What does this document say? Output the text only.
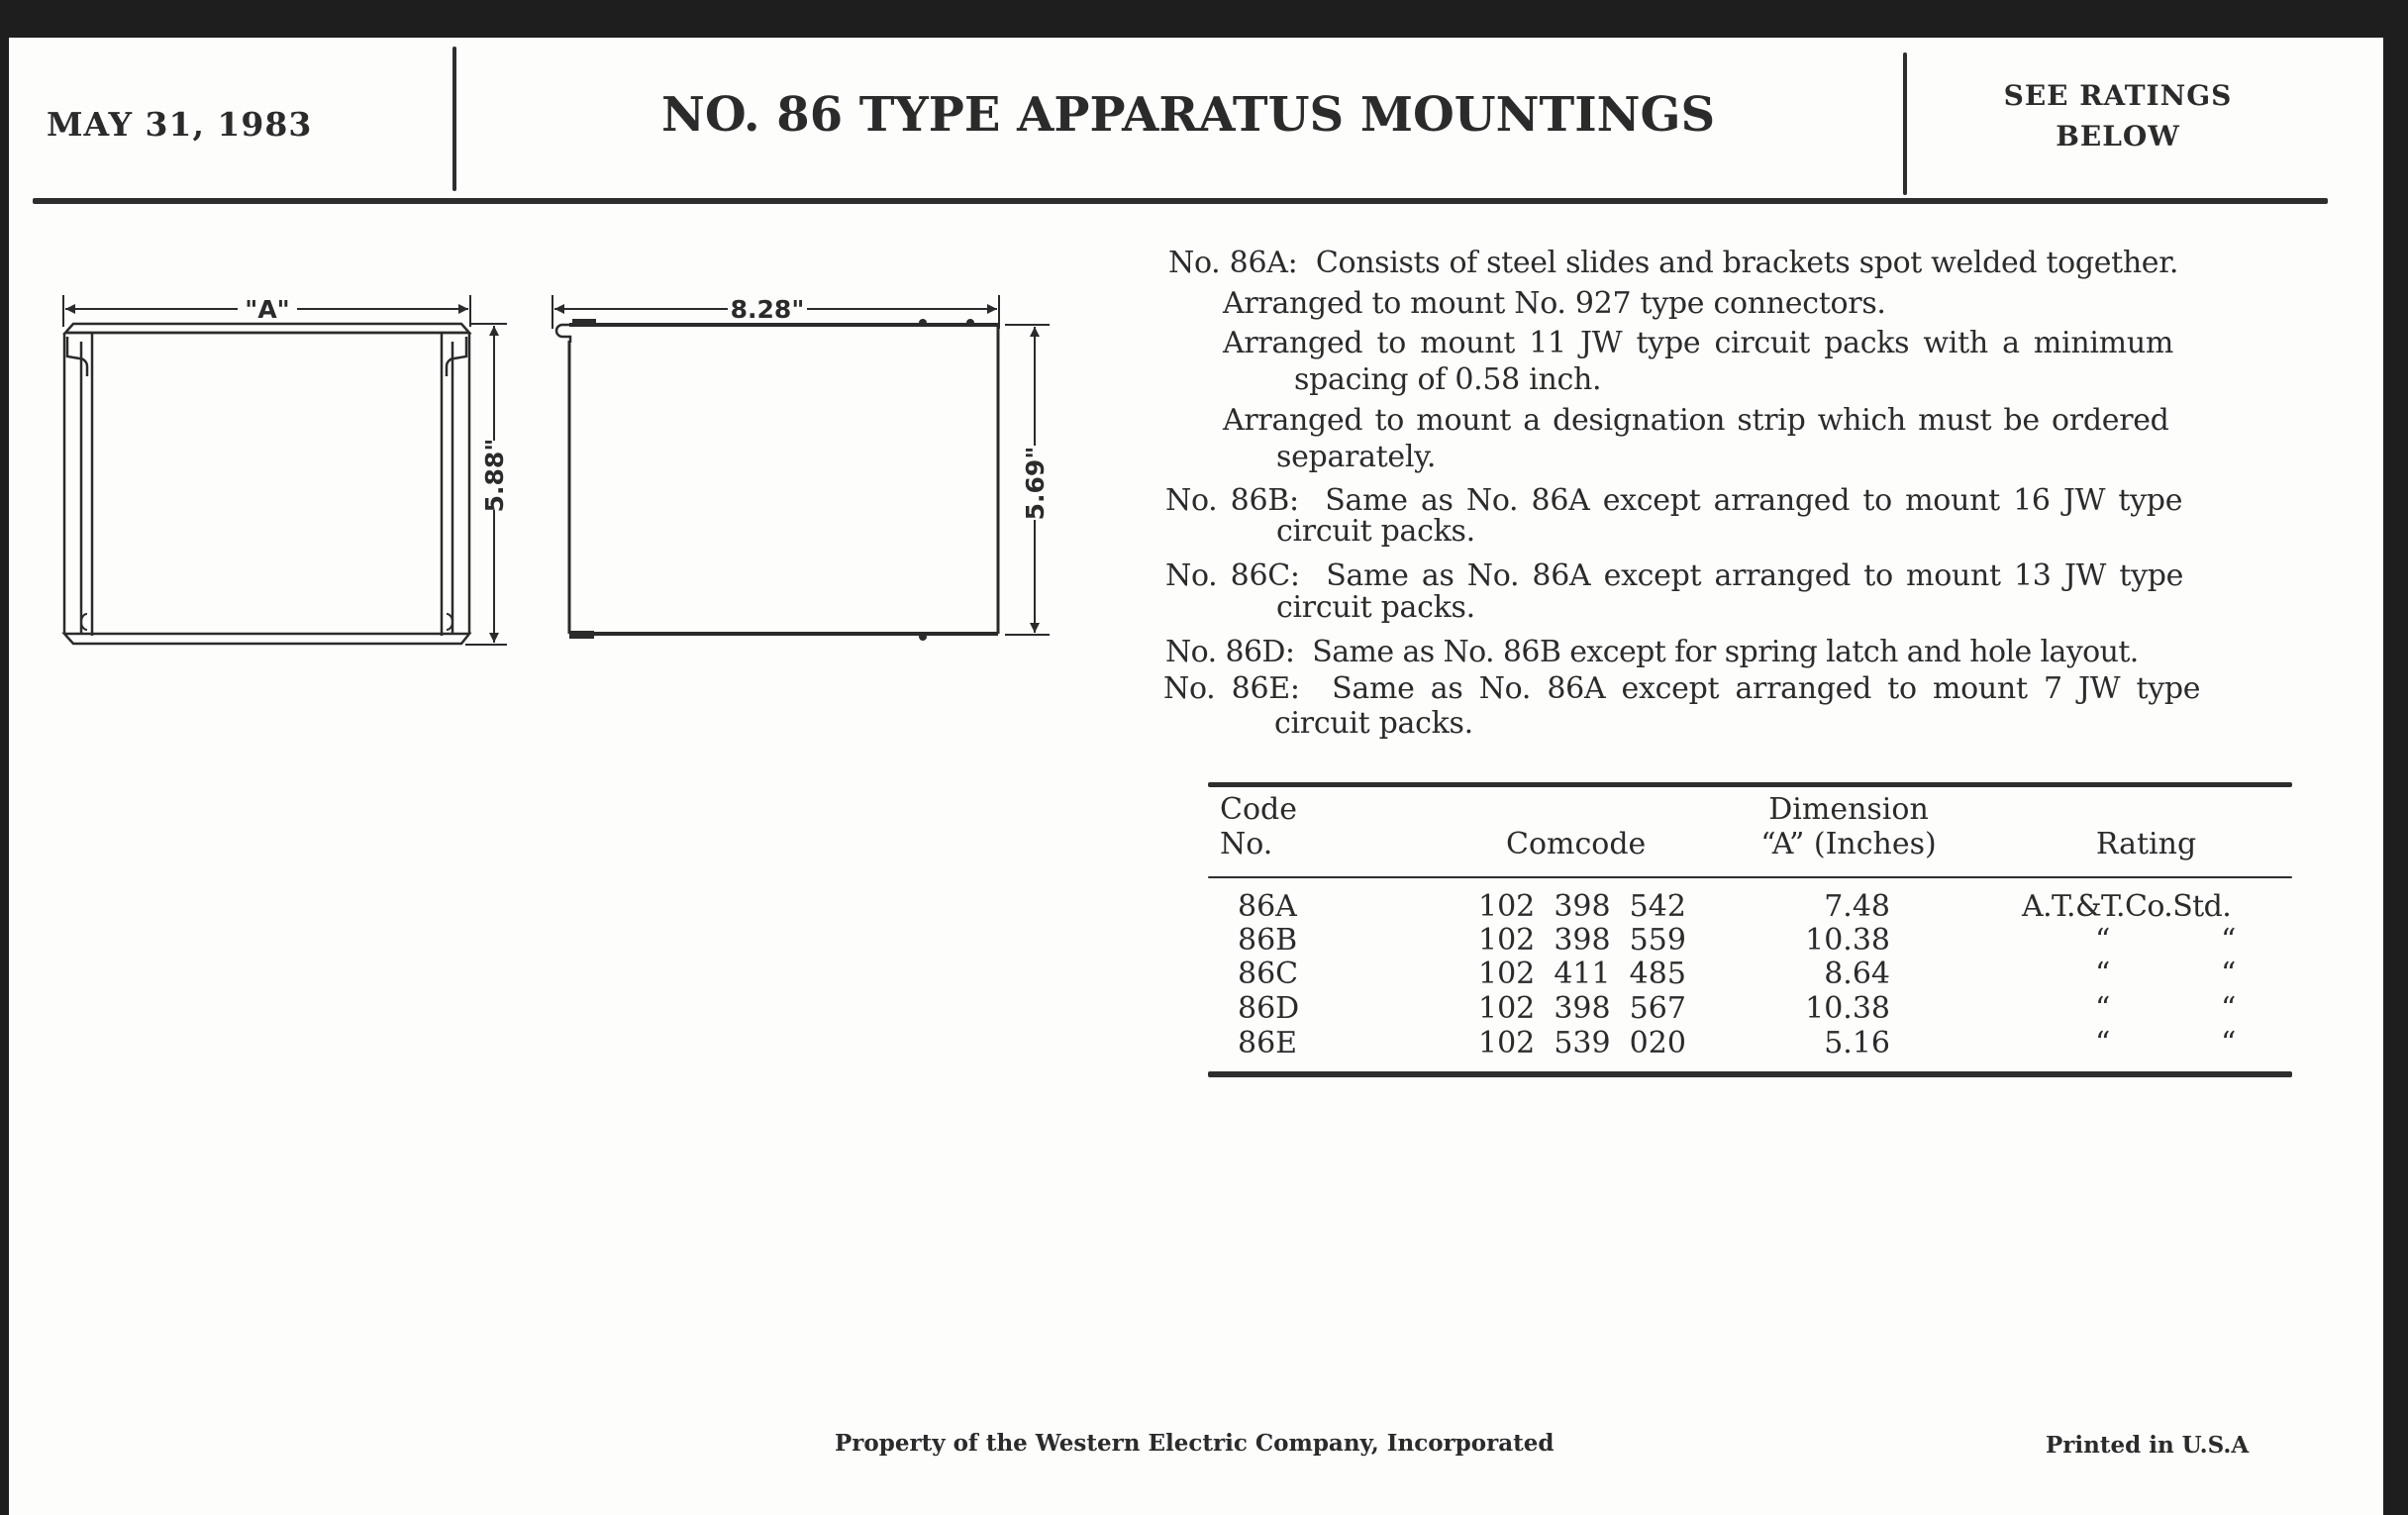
MAY 31, 1983	NO. 86 TYPE APPARATUS MOUNTINGS	SEE RATINGS
BELOW
"A"
5.88"
8.28"
5.69"
No. 86A: Consists of steel slides and brackets spot welded together.
Arranged to mount No. 927 type connectors.
Arranged to mount 11 JW type circuit packs with a minimum
spacing of 0.58 inch.
Arranged to mount a designation strip which must be ordered
separately.
No. 86B: Same as No. 86A except arranged to mount 16 JW type
circuit packs.
No. 86C: Same as No. 86A except arranged to mount 13 JW type
circuit packs.
No. 86D: Same as No. 86B except for spring latch and hole layout.
No. 86E: Same as No. 86A except arranged to mount 7 JW type
circuit packs.
Code
No.	Comcode
Dimension
“A” (Inches)	Rating
86A	102  398  542	7.48	A.T.&T.Co.Std.
86B	102  398  559	10.38	“	“
86C	102  411  485	8.64	“	“
86D	102  398  567	10.38	“	“
86E	102  539  020	5.16	“	“
Property of the Western Electric Company, Incorporated	Printed in U.S.A
